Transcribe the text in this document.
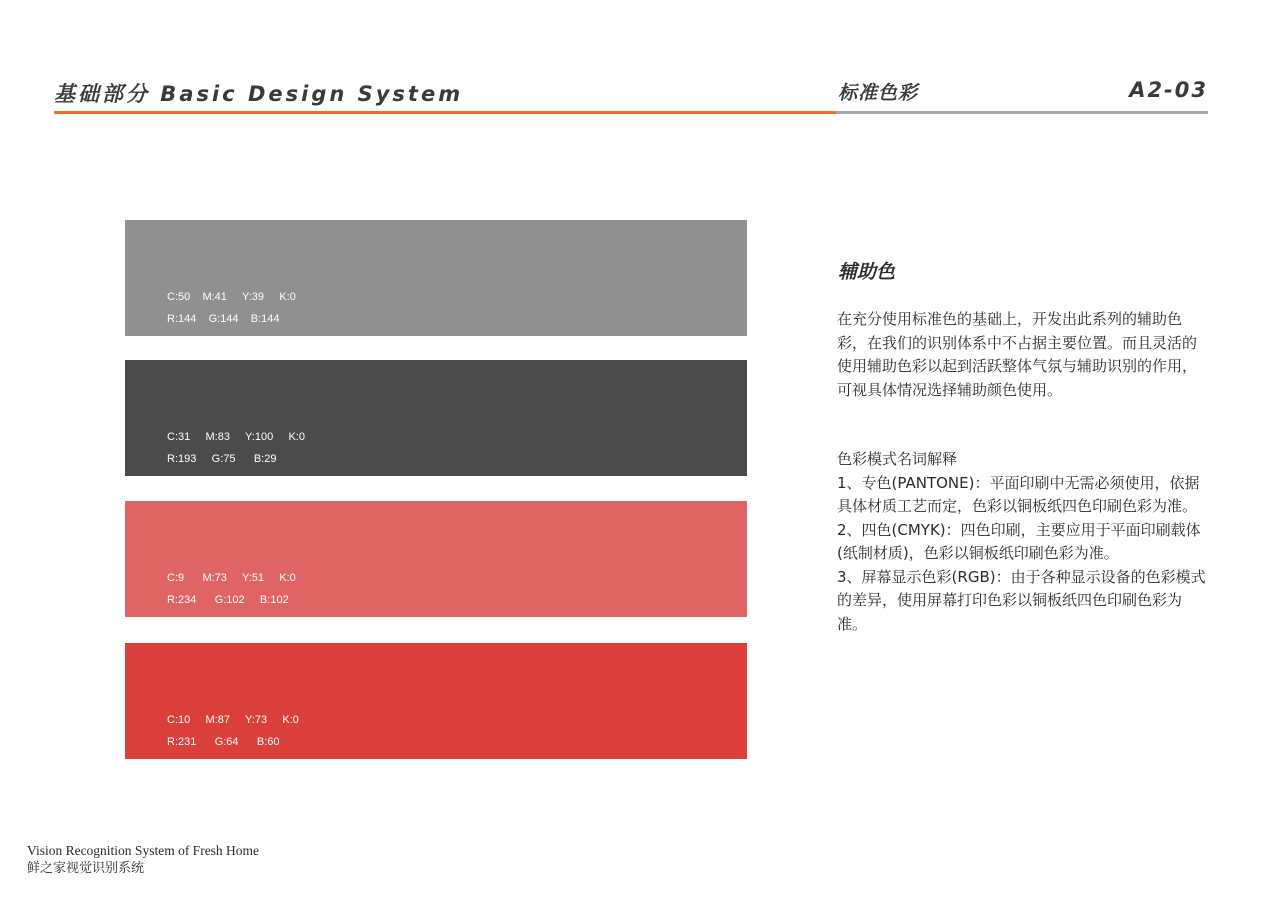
基础部分 Basic Design System	标准色彩	A2-03
C:50    M:41     Y:39     K:0
R:144    G:144    B:144
C:31     M:83     Y:100     K:0
R:193     G:75      B:29
C:9      M:73     Y:51     K:0
R:234      G:102     B:102
C:10     M:87     Y:73     K:0
R:231      G:64      B:60
辅助色

在充分使用标准色的基础上，开发出此系列的辅助色彩，在我们的识别体系中不占据主要位置。而且灵活的使用辅助色彩以起到活跃整体气氛与辅助识别的作用，可视具体情况选择辅助颜色使用。

色彩模式名词解释
1、专色(PANTONE)：平面印刷中无需必须使用，依据具体材质工艺而定，色彩以铜板纸四色印刷色彩为准。
2、四色(CMYK)：四色印刷，主要应用于平面印刷载体(纸制材质)，色彩以铜板纸印刷色彩为准。
3、屏幕显示色彩(RGB)：由于各种显示设备的色彩模式的差异，使用屏幕打印色彩以铜板纸四色印刷色彩为准。
Vision Recognition System of Fresh Home
鲜之家视觉识别系统
